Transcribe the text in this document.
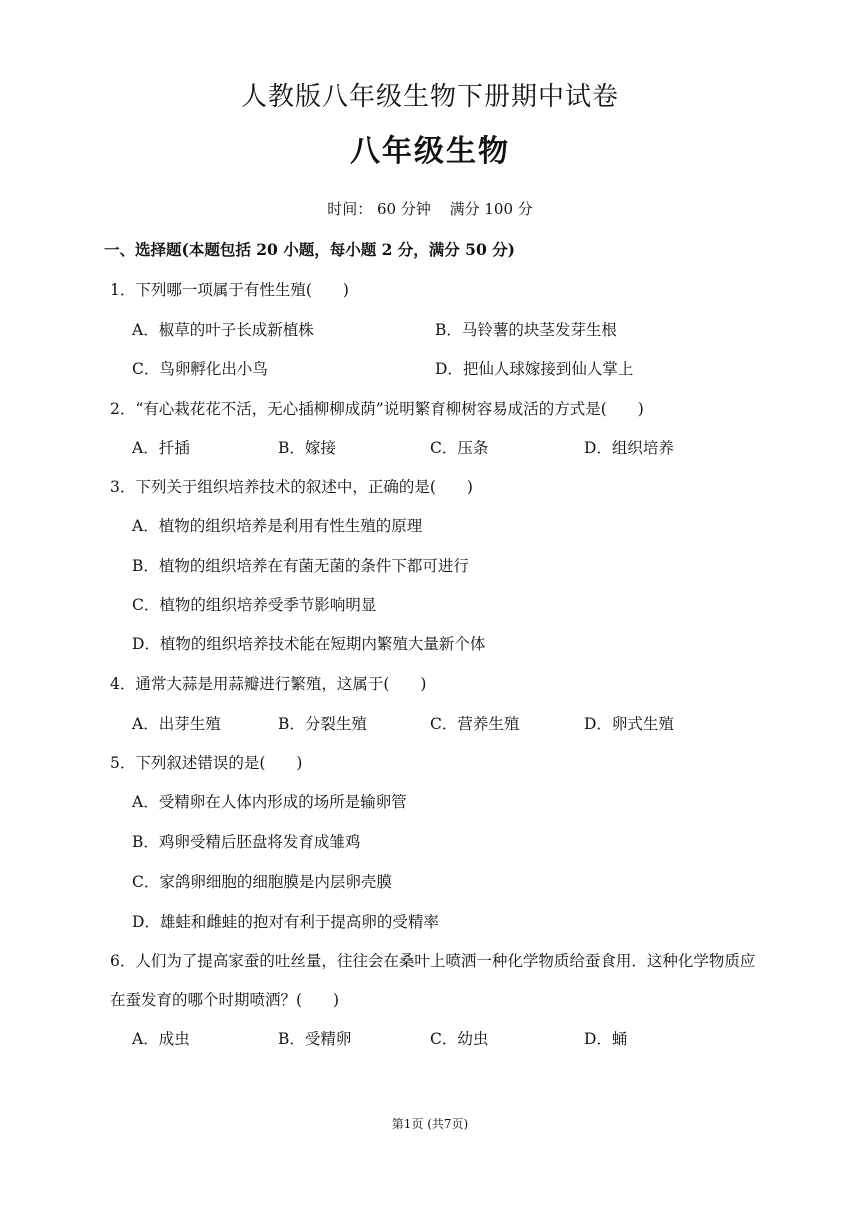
人教版八年级生物下册期中试卷
八年级生物
时间： 60 分钟 满分 100 分
一、选择题(本题包括 20 小题，每小题 2 分，满分 50 分)
1．下列哪一项属于有性生殖(　　)
A．椒草的叶子长成新植株	B．马铃薯的块茎发芽生根
C．鸟卵孵化出小鸟	D．把仙人球嫁接到仙人掌上
2．“有心栽花花不活，无心插柳柳成荫”说明繁育柳树容易成活的方式是(　　)
A．扦插	B．嫁接	C．压条	D．组织培养
3．下列关于组织培养技术的叙述中，正确的是(　　)
A．植物的组织培养是利用有性生殖的原理
B．植物的组织培养在有菌无菌的条件下都可进行
C．植物的组织培养受季节影响明显
D．植物的组织培养技术能在短期内繁殖大量新个体
4．通常大蒜是用蒜瓣进行繁殖，这属于(　　)
A．出芽生殖	B．分裂生殖	C．营养生殖	D．卵式生殖
5．下列叙述错误的是(　　)
A．受精卵在人体内形成的场所是输卵管
B．鸡卵受精后胚盘将发育成雏鸡
C．家鸽卵细胞的细胞膜是内层卵壳膜
D．雄蛙和雌蛙的抱对有利于提高卵的受精率
6．人们为了提高家蚕的吐丝量，往往会在桑叶上喷洒一种化学物质给蚕食用．这种化学物质应在蚕发育的哪个时期喷洒？(　　)
A．成虫	B．受精卵	C．幼虫	D．蛹
第1页 (共7页)
